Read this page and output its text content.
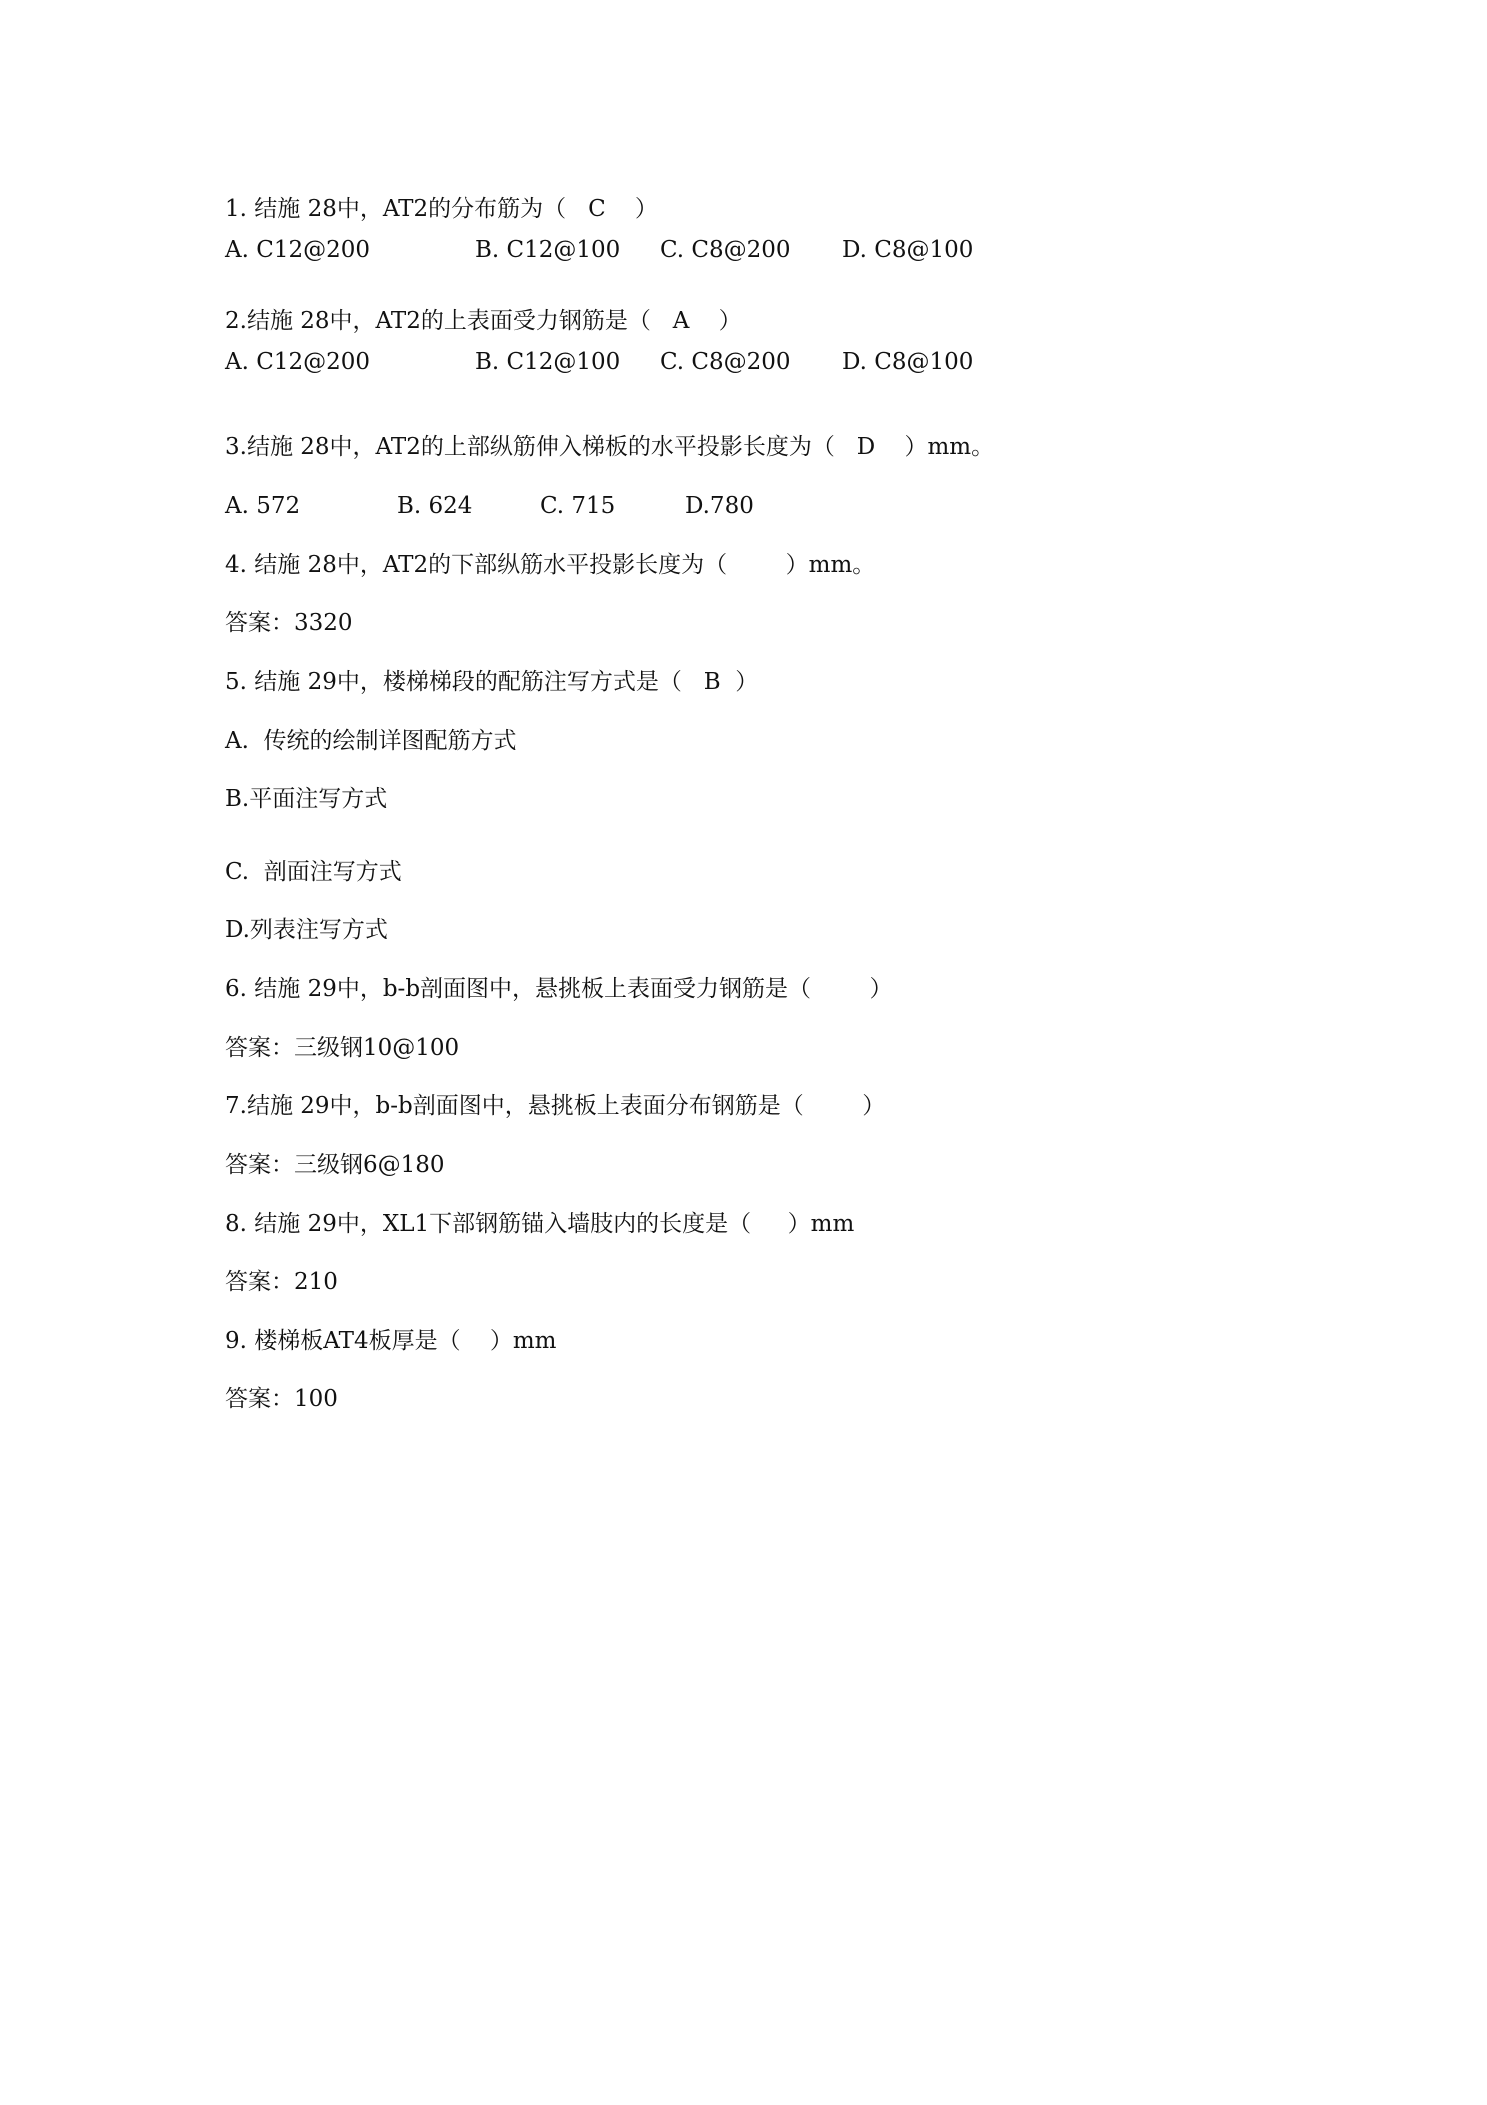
1. 结施 28中，AT2的分布筋为（   C    ）
A. C12@200	B. C12@100 C. C8@200 D. C8@100
2.结施 28中，AT2的上表面受力钢筋是（   A    ）
A. C12@200	B. C12@100 C. C8@200 D. C8@100
3.结施 28中，AT2的上部纵筋伸入梯板的水平投影长度为（   D    ）mm。
A. 572	B. 624	C. 715	D.780
4. 结施 28中，AT2的下部纵筋水平投影长度为（        ）mm。
答案：3320
5. 结施 29中，楼梯梯段的配筋注写方式是（   B  ）
A.  传统的绘制详图配筋方式
B.平面注写方式
C.  剖面注写方式
D.列表注写方式
6. 结施 29中，b-b剖面图中，悬挑板上表面受力钢筋是（        ）
答案：三级钢10@100
7.结施 29中，b-b剖面图中，悬挑板上表面分布钢筋是（        ）
答案：三级钢6@180
8. 结施 29中，XL1下部钢筋锚入墙肢内的长度是（     ）mm
答案：210
9. 楼梯板AT4板厚是（    ）mm
答案：100
